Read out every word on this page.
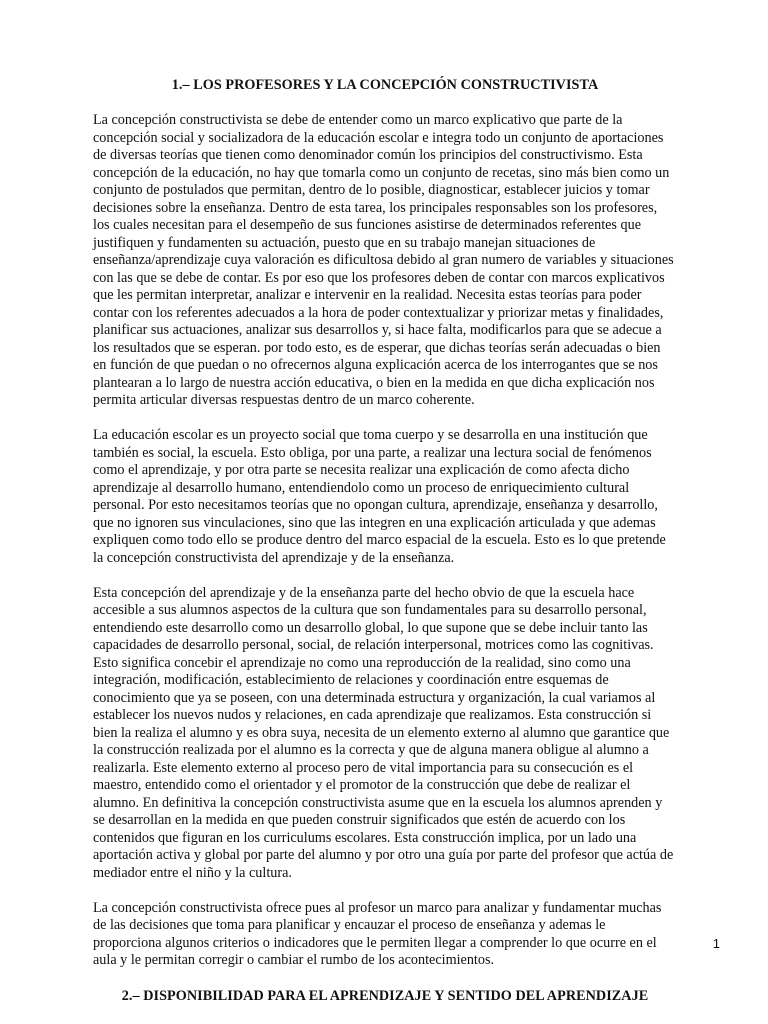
1.– LOS PROFESORES Y LA CONCEPCIÓN CONSTRUCTIVISTA

La concepción constructivista se debe de entender como un marco explicativo que parte de la concepción social y socializadora de la educación escolar e integra todo un conjunto de aportaciones de diversas teorías que tienen como denominador común los principios del constructivismo. Esta concepción de la educación, no hay que tomarla como un conjunto de recetas, sino más bien como un conjunto de postulados que permitan, dentro de lo posible, diagnosticar, establecer juicios y tomar decisiones sobre la enseñanza. Dentro de esta tarea, los principales responsables son los profesores, los cuales necesitan para el desempeño de sus funciones asistirse de determinados referentes que justifiquen y fundamenten su actuación, puesto que en su trabajo manejan situaciones de enseñanza/aprendizaje cuya valoración es dificultosa debido al gran numero de variables y situaciones con las que se debe de contar. Es por eso que los profesores deben de contar con marcos explicativos que les permitan interpretar, analizar e intervenir en la realidad. Necesita estas teorías para poder contar con los referentes adecuados a la hora de poder contextualizar y priorizar metas y finalidades, planificar sus actuaciones, analizar sus desarrollos y, si hace falta, modificarlos para que se adecue a los resultados que se esperan. por todo esto, es de esperar, que dichas teorías serán adecuadas o bien en función de que puedan o no ofrecernos alguna explicación acerca de los interrogantes que se nos plantearan a lo largo de nuestra acción educativa, o bien en la medida en que dicha explicación nos permita articular diversas respuestas dentro de un marco coherente.

La educación escolar es un proyecto social que toma cuerpo y se desarrolla en una institución que también es social, la escuela. Esto obliga, por una parte, a realizar una lectura social de fenómenos como el aprendizaje, y por otra parte se necesita realizar una explicación de como afecta dicho aprendizaje al desarrollo humano, entendiendolo como un proceso de enriquecimiento cultural personal. Por esto necesitamos teorías que no opongan cultura, aprendizaje, enseñanza y desarrollo, que no ignoren sus vinculaciones, sino que las integren en una explicación articulada y que ademas expliquen como todo ello se produce dentro del marco espacial de la escuela. Esto es lo que pretende la concepción constructivista del aprendizaje y de la enseñanza.

Esta concepción del aprendizaje y de la enseñanza parte del hecho obvio de que la escuela hace accesible a sus alumnos aspectos de la cultura que son fundamentales para su desarrollo personal, entendiendo este desarrollo como un desarrollo global, lo que supone que se debe incluir tanto las capacidades de desarrollo personal, social, de relación interpersonal, motrices como las cognitivas. Esto significa concebir el aprendizaje no como una reproducción de la realidad, sino como una integración, modificación, establecimiento de relaciones y coordinación entre esquemas de conocimiento que ya se poseen, con una determinada estructura y organización, la cual variamos al establecer los nuevos nudos y relaciones, en cada aprendizaje que realizamos. Esta construcción si bien la realiza el alumno y es obra suya, necesita de un elemento externo al alumno que garantice que la construcción realizada por el alumno es la correcta y que de alguna manera obligue al alumno a realizarla. Este elemento externo al proceso pero de vital importancia para su consecución es el maestro, entendido como el orientador y el promotor de la construcción que debe de realizar el alumno. En definitiva la concepción constructivista asume que en la escuela los alumnos aprenden y se desarrollan en la medida en que pueden construir significados que estén de acuerdo con los contenidos que figuran en los curriculums escolares. Esta construcción implica, por un lado una aportación activa y global por parte del alumno y por otro una guía por parte del profesor que actúa de mediador entre el niño y la cultura.

La concepción constructivista ofrece pues al profesor un marco para analizar y fundamentar muchas de las decisiones que toma para planificar y encauzar el proceso de enseñanza y ademas le proporciona algunos criterios o indicadores que le permiten llegar a comprender lo que ocurre en el aula y le permitan corregir o cambiar el rumbo de los acontecimientos.

2.– DISPONIBILIDAD PARA EL APRENDIZAJE Y SENTIDO DEL APRENDIZAJE

1
